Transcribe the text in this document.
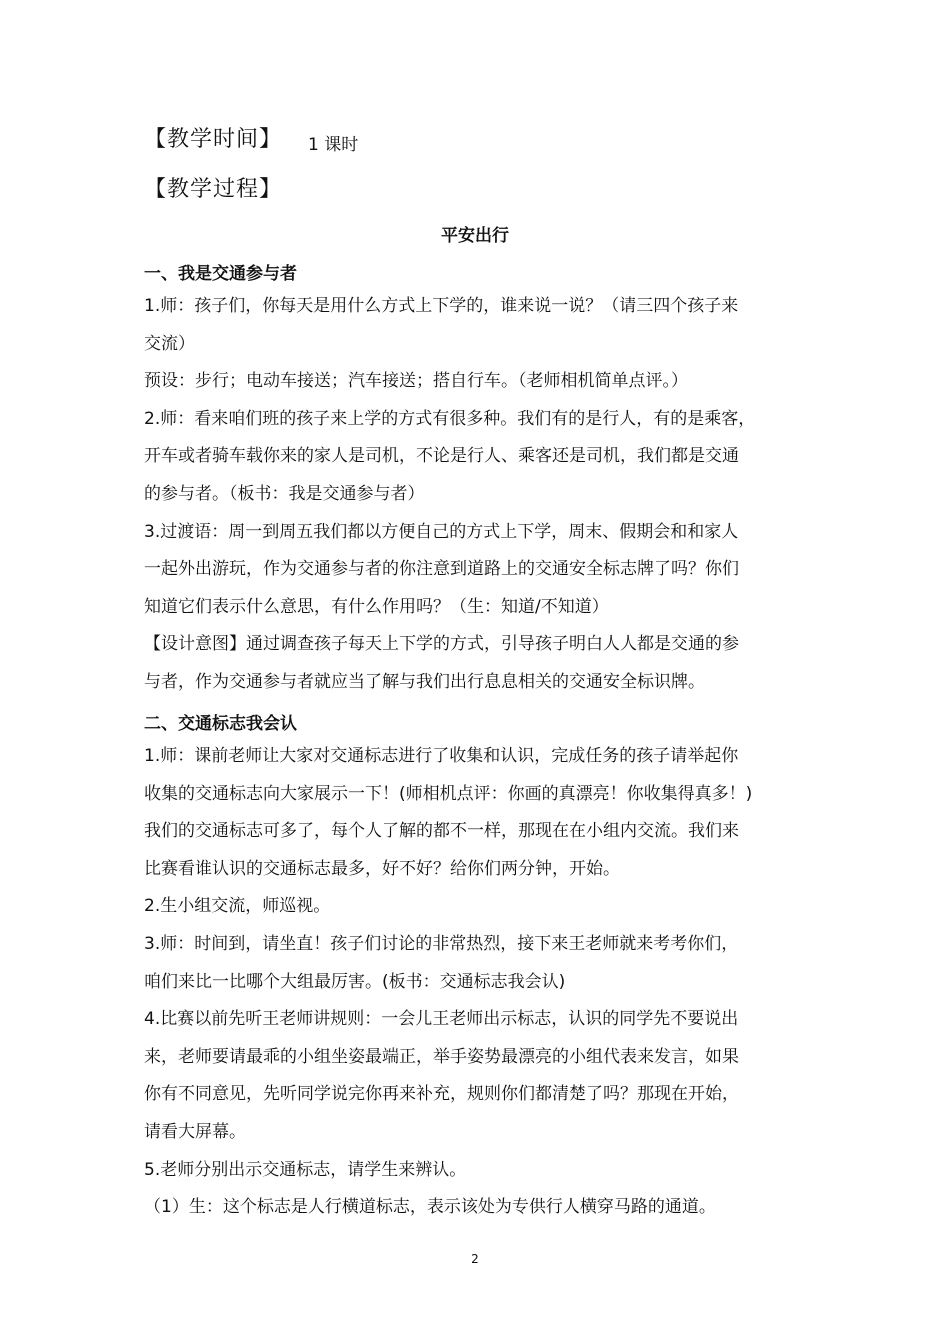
【教学时间】 1 课时
【教学过程】
平安出行
一、我是交通参与者

1.师：孩子们，你每天是用什么方式上下学的，谁来说一说？（请三四个孩子来

交流）

预设：步行；电动车接送；汽车接送；搭自行车。（老师相机简单点评。）

2.师：看来咱们班的孩子来上学的方式有很多种。我们有的是行人，有的是乘客，

开车或者骑车载你来的家人是司机，不论是行人、乘客还是司机，我们都是交通

的参与者。（板书：我是交通参与者）

3.过渡语：周一到周五我们都以方便自己的方式上下学，周末、假期会和和家人

一起外出游玩，作为交通参与者的你注意到道路上的交通安全标志牌了吗？你们

知道它们表示什么意思，有什么作用吗？（生：知道/不知道）

【设计意图】通过调查孩子每天上下学的方式，引导孩子明白人人都是交通的参

与者，作为交通参与者就应当了解与我们出行息息相关的交通安全标识牌。

二、交通标志我会认

1.师：课前老师让大家对交通标志进行了收集和认识，完成任务的孩子请举起你

收集的交通标志向大家展示一下！(师相机点评：你画的真漂亮！你收集得真多！)

我们的交通标志可多了，每个人了解的都不一样，那现在在小组内交流。我们来

比赛看谁认识的交通标志最多，好不好？给你们两分钟，开始。

2.生小组交流，师巡视。

3.师：时间到，请坐直！孩子们讨论的非常热烈，接下来王老师就来考考你们，

咱们来比一比哪个大组最厉害。(板书：交通标志我会认)

4.比赛以前先听王老师讲规则：一会儿王老师出示标志，认识的同学先不要说出

来，老师要请最乖的小组坐姿最端正，举手姿势最漂亮的小组代表来发言，如果

你有不同意见，先听同学说完你再来补充，规则你们都清楚了吗？那现在开始，

请看大屏幕。

5.老师分别出示交通标志，请学生来辨认。

（1）生：这个标志是人行横道标志，表示该处为专供行人横穿马路的通道。

2
